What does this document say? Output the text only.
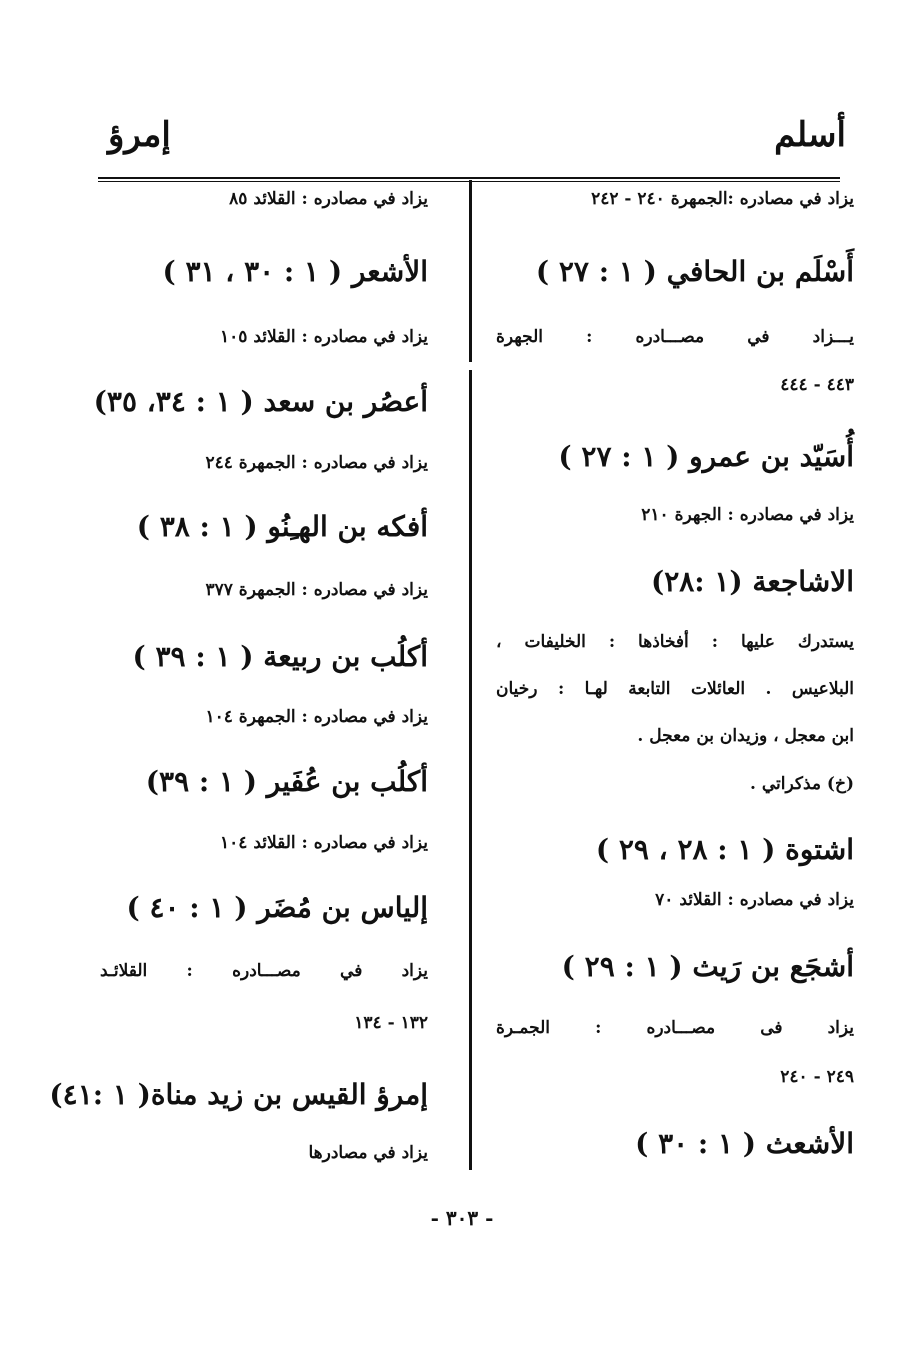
أسلم
إمرؤ
يزاد في مصادره :الجمهرة ٢٤٠ - ٢٤٢
أَسْلَم بن الحافي ( ١ : ٢٧ )
يـــزاد في مصـــادره : الجهرة
٤٤٣ - ٤٤٤
أُسَيّد بن عمرو ( ١ : ٢٧ )
يزاد في مصادره : الجهرة ٢١٠
الاشاجعة (١ :٢٨)
يستدرك عليها : أفخاذها : الخليفات ،
البلاعيس . العائلات التابعة لهـا : رخيان
ابن معجل ، وزيدان بن معجل .
(خ) مذكراتي .
اشتوة ( ١ : ٢٨ ، ٢٩ )
يزاد في مصادره : القلائد ٧٠
أشجَع بن رَيث ( ١ : ٢٩ )
يزاد فى مصـــادره : الجمـرة
٢٤٩ - ٢٤٠
الأشعث ( ١ : ٣٠ )
يزاد في مصادره : القلائد ٨٥
الأشعر ( ١ : ٣٠ ، ٣١ )
يزاد في مصادره : القلائد ١٠٥
أعصُر بن سعد ( ١ : ٣٤، ٣٥)
يزاد في مصادره : الجمهرة ٢٤٤
أفكه بن الهـِنُو ( ١ : ٣٨ )
يزاد في مصادره : الجمهرة ٣٧٧
أكلُب بن ربيعة ( ١ : ٣٩ )
يزاد في مصادره : الجمهرة ١٠٤
أكلُب بن عُفَير ( ١ : ٣٩)
يزاد في مصادره : القلائد ١٠٤
إلياس بن مُضَر ( ١ : ٤٠ )
يزاد في مصـــادره : القلائـد
١٣٢ - ١٣٤
إمرؤ القيس بن زيد مناة( ١ :٤١)
يزاد في مصادرها
- ٣٠٣ -
